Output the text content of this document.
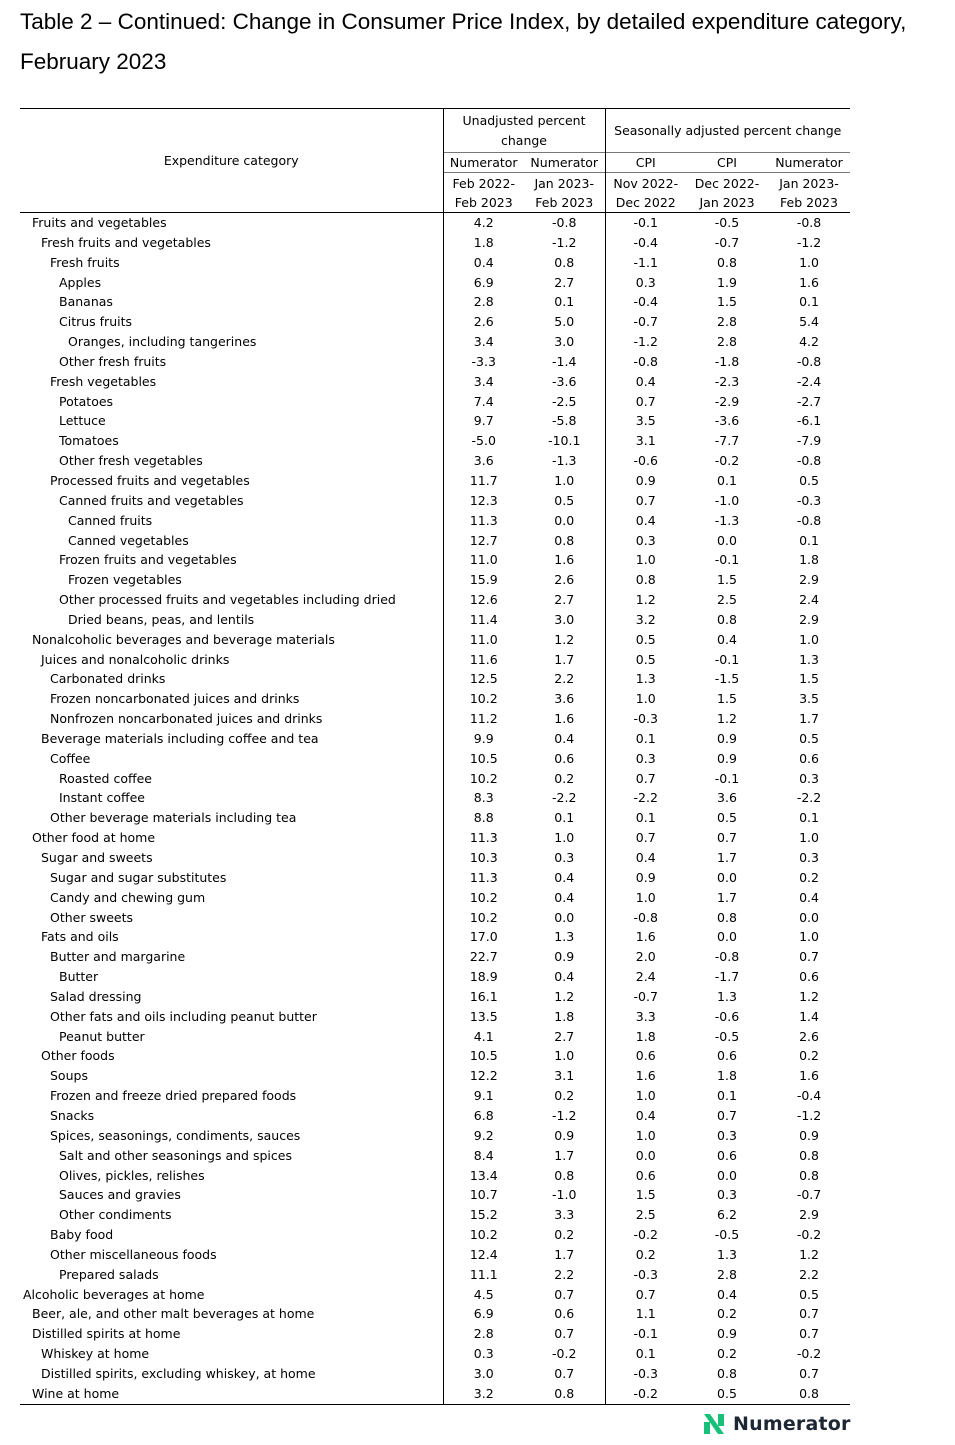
Table 2 – Continued: Change in Consumer Price Index, by detailed expenditure category, February 2023
Expenditure category	Unadjusted percent change		Seasonally adjusted percent change		
	Numerator	Numerator	CPI	CPI	Numerator
	Feb 2022- Feb 2023	Jan 2023- Feb 2023	Nov 2022- Dec 2022	Dec 2022- Jan 2023	Jan 2023- Feb 2023
Fruits and vegetables	4.2	-0.8	-0.1	-0.5	-0.8
Fresh fruits and vegetables	1.8	-1.2	-0.4	-0.7	-1.2
Fresh fruits	0.4	0.8	-1.1	0.8	1.0
Apples	6.9	2.7	0.3	1.9	1.6
Bananas	2.8	0.1	-0.4	1.5	0.1
Citrus fruits	2.6	5.0	-0.7	2.8	5.4
Oranges, including tangerines	3.4	3.0	-1.2	2.8	4.2
Other fresh fruits	-3.3	-1.4	-0.8	-1.8	-0.8
Fresh vegetables	3.4	-3.6	0.4	-2.3	-2.4
Potatoes	7.4	-2.5	0.7	-2.9	-2.7
Lettuce	9.7	-5.8	3.5	-3.6	-6.1
Tomatoes	-5.0	-10.1	3.1	-7.7	-7.9
Other fresh vegetables	3.6	-1.3	-0.6	-0.2	-0.8
Processed fruits and vegetables	11.7	1.0	0.9	0.1	0.5
Canned fruits and vegetables	12.3	0.5	0.7	-1.0	-0.3
Canned fruits	11.3	0.0	0.4	-1.3	-0.8
Canned vegetables	12.7	0.8	0.3	0.0	0.1
Frozen fruits and vegetables	11.0	1.6	1.0	-0.1	1.8
Frozen vegetables	15.9	2.6	0.8	1.5	2.9
Other processed fruits and vegetables including dried	12.6	2.7	1.2	2.5	2.4
Dried beans, peas, and lentils	11.4	3.0	3.2	0.8	2.9
Nonalcoholic beverages and beverage materials	11.0	1.2	0.5	0.4	1.0
Juices and nonalcoholic drinks	11.6	1.7	0.5	-0.1	1.3
Carbonated drinks	12.5	2.2	1.3	-1.5	1.5
Frozen noncarbonated juices and drinks	10.2	3.6	1.0	1.5	3.5
Nonfrozen noncarbonated juices and drinks	11.2	1.6	-0.3	1.2	1.7
Beverage materials including coffee and tea	9.9	0.4	0.1	0.9	0.5
Coffee	10.5	0.6	0.3	0.9	0.6
Roasted coffee	10.2	0.2	0.7	-0.1	0.3
Instant coffee	8.3	-2.2	-2.2	3.6	-2.2
Other beverage materials including tea	8.8	0.1	0.1	0.5	0.1
Other food at home	11.3	1.0	0.7	0.7	1.0
Sugar and sweets	10.3	0.3	0.4	1.7	0.3
Sugar and sugar substitutes	11.3	0.4	0.9	0.0	0.2
Candy and chewing gum	10.2	0.4	1.0	1.7	0.4
Other sweets	10.2	0.0	-0.8	0.8	0.0
Fats and oils	17.0	1.3	1.6	0.0	1.0
Butter and margarine	22.7	0.9	2.0	-0.8	0.7
Butter	18.9	0.4	2.4	-1.7	0.6
Salad dressing	16.1	1.2	-0.7	1.3	1.2
Other fats and oils including peanut butter	13.5	1.8	3.3	-0.6	1.4
Peanut butter	4.1	2.7	1.8	-0.5	2.6
Other foods	10.5	1.0	0.6	0.6	0.2
Soups	12.2	3.1	1.6	1.8	1.6
Frozen and freeze dried prepared foods	9.1	0.2	1.0	0.1	-0.4
Snacks	6.8	-1.2	0.4	0.7	-1.2
Spices, seasonings, condiments, sauces	9.2	0.9	1.0	0.3	0.9
Salt and other seasonings and spices	8.4	1.7	0.0	0.6	0.8
Olives, pickles, relishes	13.4	0.8	0.6	0.0	0.8
Sauces and gravies	10.7	-1.0	1.5	0.3	-0.7
Other condiments	15.2	3.3	2.5	6.2	2.9
Baby food	10.2	0.2	-0.2	-0.5	-0.2
Other miscellaneous foods	12.4	1.7	0.2	1.3	1.2
Prepared salads	11.1	2.2	-0.3	2.8	2.2
Alcoholic beverages at home	4.5	0.7	0.7	0.4	0.5
Beer, ale, and other malt beverages at home	6.9	0.6	1.1	0.2	0.7
Distilled spirits at home	2.8	0.7	-0.1	0.9	0.7
Whiskey at home	0.3	-0.2	0.1	0.2	-0.2
Distilled spirits, excluding whiskey, at home	3.0	0.7	-0.3	0.8	0.7
Wine at home	3.2	0.8	-0.2	0.5	0.8
Numerator
